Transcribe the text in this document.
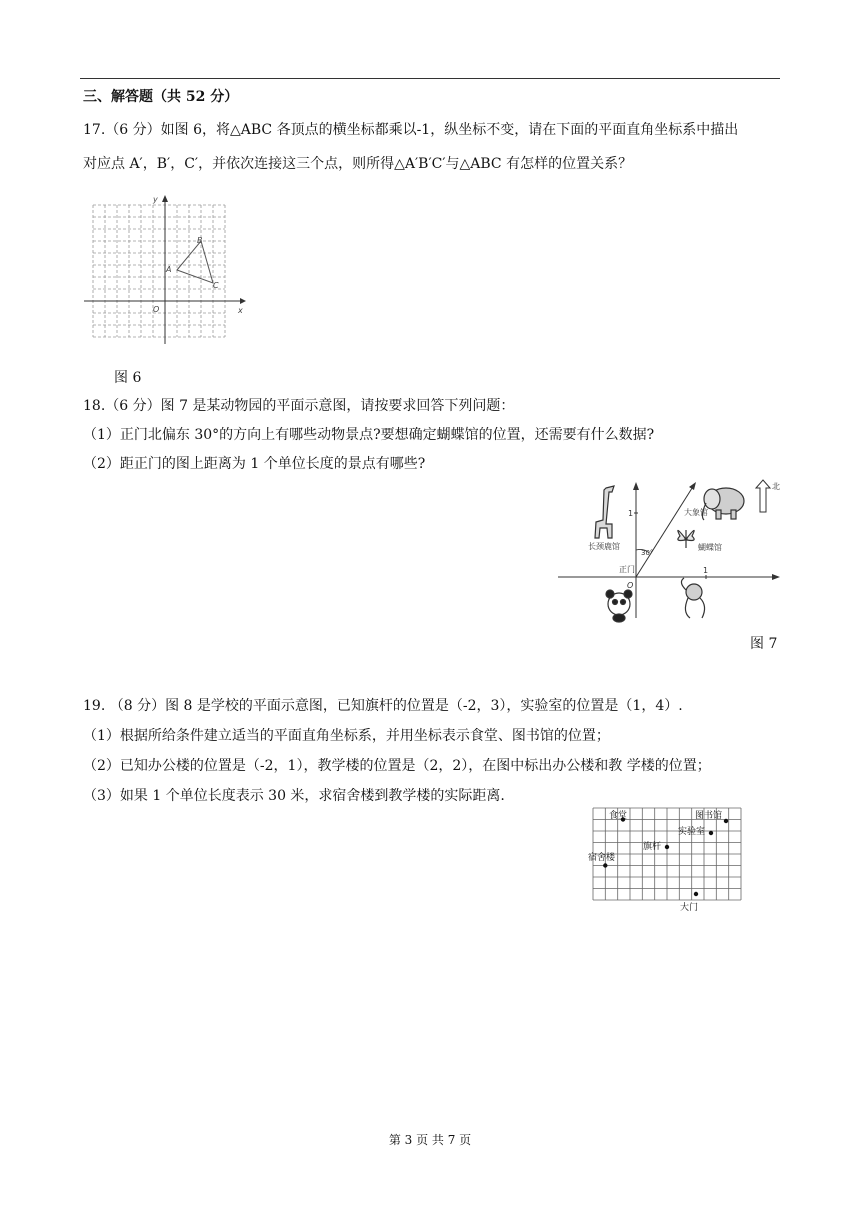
三、解答题（共 52 分）
17.（6 分）如图 6，将△ABC 各顶点的横坐标都乘以-1，纵坐标不变，请在下面的平面直角坐标系中描出
对应点 A′，B′，C′，并依次连接这三个点，则所得△A′B′C′与△ABC 有怎样的位置关系？
y
x
O
A
B
C
图 6
18.（6 分）图 7 是某动物园的平面示意图，请按要求回答下列问题：
（1）正门北偏东 30°的方向上有哪些动物景点?要想确定蝴蝶馆的位置，还需要有什么数据?
（2）距正门的图上距离为 1 个单位长度的景点有哪些?
北
大象馆
蝴蝶馆
长颈鹿馆
30°
正门
O
1
1
图 7
19. （8 分）图 8 是学校的平面示意图，已知旗杆的位置是（-2，3），实验室的位置是（1，4）.
（1）根据所给条件建立适当的平面直角坐标系，并用坐标表示食堂、图书馆的位置；
（2）已知办公楼的位置是（-2，1），教学楼的位置是（2，2），在图中标出办公楼和教 学楼的位置；
（3）如果 1 个单位长度表示 30 米，求宿舍楼到教学楼的实际距离.
食堂	图书馆
实验室
旗杆
宿舍楼
大门
第 3 页 共 7 页
